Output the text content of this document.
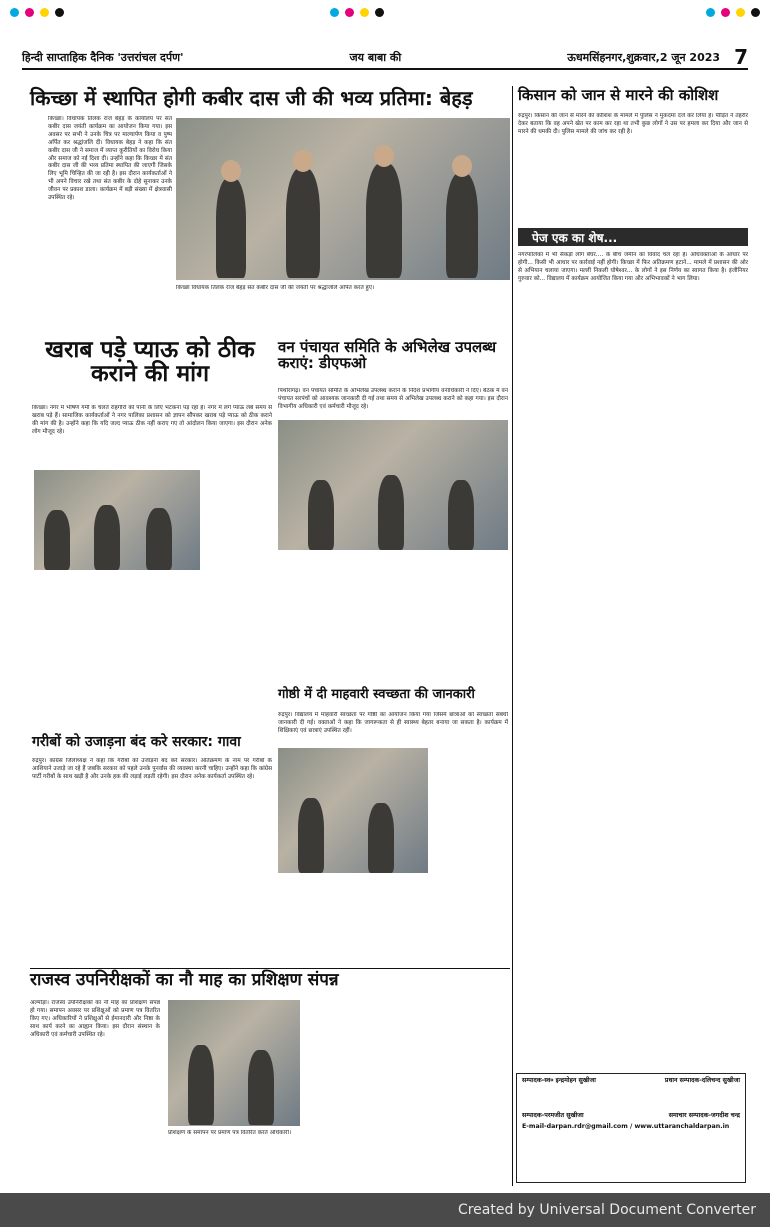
हिन्दी साप्ताहिक दैनिक 'उत्तरांचल दर्पण'	जय बाबा की	ऊधमसिंहनगर,शुक्रवार,2 जून 2023 7
किच्छा में स्थापित होगी कबीर दास जी की भव्य प्रतिमा: बेहड़
किच्छा। विधायक तिलक राज बेहड़ के कार्यालय पर संत कबीर दास जयंती कार्यक्रम का आयोजन किया गया। इस अवसर पर सभी ने उनके चित्र पर माल्यार्पण किया व पुष्प अर्पित कर श्रद्धांजलि दी। विधायक बेहड़ ने कहा कि संत कबीर दास जी ने समाज में व्याप्त कुरीतियों का विरोध किया और समाज को नई दिशा दी। उन्होंने कहा कि किच्छा में संत कबीर दास जी की भव्य प्रतिमा स्थापित की जाएगी जिसके लिए भूमि चिन्हित की जा रही है। इस दौरान कार्यकर्ताओं ने भी अपने विचार रखे तथा संत कबीर के दोहे सुनाकर उनके जीवन पर प्रकाश डाला। कार्यक्रम में बड़ी संख्या में क्षेत्रवासी उपस्थित रहे।
किच्छा विधायक तिलक राज बेहड़ संत कबीर दास जी की जयंती पर श्रद्धांजलि अर्पित करते हुए।
किसान को जान से मारने की कोशिश
रुद्रपुर। किसान की जान से मारने की कोशिश के मामले में पुलिस ने मुकदमा दर्ज कर लिया है। पीड़ित ने तहरीर देकर बताया कि वह अपने खेत पर काम कर रहा था तभी कुछ लोगों ने उस पर हमला कर दिया और जान से मारने की धमकी दी। पुलिस मामले की जांच कर रही है।
पेज एक का शेष...
नगरपालिका में भी सैकड़ों लोग बेघर.... के बीच जमीन का विवाद चल रहा है। अधिवक्ताओं के आधार पर होगी... किसी भी आधार पर कार्रवाई नहीं होगी। किच्छा में फिर अतिक्रमण हटाने... मामले में प्रशासन की ओर से अभियान चलाया जाएगा। मल्ली निकली घोषेश्वर... के लोगों ने इस निर्णय का स्वागत किया है। इंजीनियर गुरुवार को... विद्यालय में कार्यक्रम आयोजित किया गया और अभिभावकों ने भाग लिया।
खराब पड़े प्याऊ को ठीक कराने की मांग
किच्छा। नगर में भीषण गर्मी के चलते राहगीरों को पानी के लिए भटकना पड़ रहा है। नगर में लगे प्याऊ लंबे समय से खराब पड़े हैं। सामाजिक कार्यकर्ताओं ने नगर पालिका प्रशासन को ज्ञापन सौंपकर खराब पड़े प्याऊ को ठीक कराने की मांग की है। उन्होंने कहा कि यदि जल्द प्याऊ ठीक नहीं कराए गए तो आंदोलन किया जाएगा। इस दौरान अनेक लोग मौजूद रहे।
वन पंचायत समिति के अभिलेख उपलब्ध कराएं: डीएफओ
पिथौरागढ़। वन पंचायत समिति के अभिलेख उपलब्ध कराने के निर्देश प्रभागीय वनाधिकारी ने दिए। बैठक में वन पंचायत सरपंचों को आवश्यक जानकारी दी गई तथा समय से अभिलेख उपलब्ध कराने को कहा गया। इस दौरान विभागीय अधिकारी एवं कर्मचारी मौजूद रहे।
गोष्ठी में दी माहवारी स्वच्छता की जानकारी
रुद्रपुर। विद्यालय में माहवारी स्वच्छता पर गोष्ठी का आयोजन किया गया जिसमें छात्राओं को स्वच्छता संबंधी जानकारी दी गई। वक्ताओं ने कहा कि जागरूकता से ही स्वास्थ्य बेहतर बनाया जा सकता है। कार्यक्रम में शिक्षिकाएं एवं छात्राएं उपस्थित रहीं।
गरीबों को उजाड़ना बंद करे सरकार: गावा
रुद्रपुर। कांग्रेस जिलाध्यक्ष ने कहा कि गरीबों को उजाड़ना बंद करे सरकार। अतिक्रमण के नाम पर गरीबों के आशियाने उजाड़े जा रहे हैं जबकि सरकार को पहले उनके पुनर्वास की व्यवस्था करनी चाहिए। उन्होंने कहा कि कांग्रेस पार्टी गरीबों के साथ खड़ी है और उनके हक की लड़ाई लड़ती रहेगी। इस दौरान अनेक कार्यकर्ता उपस्थित रहे।
राजस्व उपनिरीक्षकों का नौ माह का प्रशिक्षण संपन्न
अल्मोड़ा। राजस्व उपनिरीक्षकों का नौ माह का प्रशिक्षण संपन्न हो गया। समापन अवसर पर प्रशिक्षुओं को प्रमाण पत्र वितरित किए गए। अधिकारियों ने प्रशिक्षुओं से ईमानदारी और निष्ठा के साथ कार्य करने का आह्वान किया। इस दौरान संस्थान के अधिकारी एवं कर्मचारी उपस्थित रहे।
प्रशिक्षण के समापन पर प्रमाण पत्र वितरित करते अधिकारी।
सम्पादक-स्व० इन्द्रमोहन सुखीजा	प्रधान सम्पादक-दलिचन्द सुखीजा
सम्पादक-परमजीत सुखीजा	समाचार सम्पादक-जगदीश चन्द्र
E-mail-darpan.rdr@gmail.com / www.uttaranchaldarpan.in
Created by Universal Document Converter
